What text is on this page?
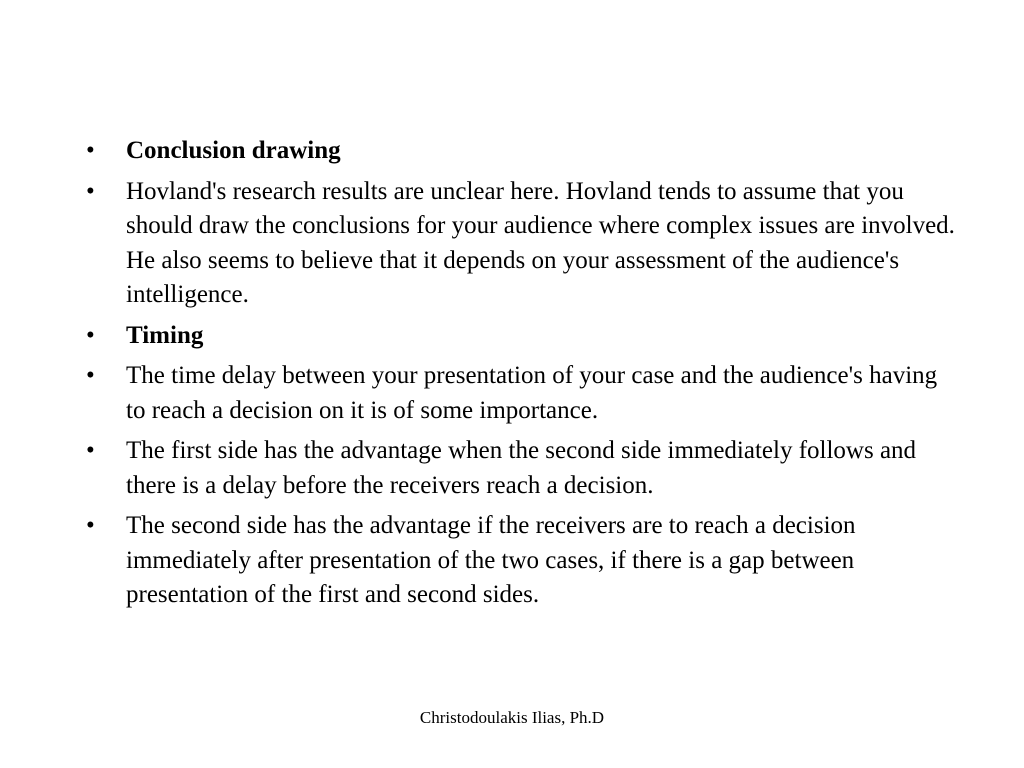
•	Conclusion drawing
•	Hovland's research results are unclear here. Hovland tends to assume that you should draw the conclusions for your audience where complex issues are involved. He also seems to believe that it depends on your assessment of the audience's intelligence.
•	Timing
•	The time delay between your presentation of your case and the audience's having to reach a decision on it is of some importance.
•	The first side has the advantage when the second side immediately follows and there is a delay before the receivers reach a decision.
•	The second side has the advantage if the receivers are to reach a decision immediately after presentation of the two cases, if there is a gap between presentation of the first and second sides.
Christodoulakis Ilias, Ph.D
